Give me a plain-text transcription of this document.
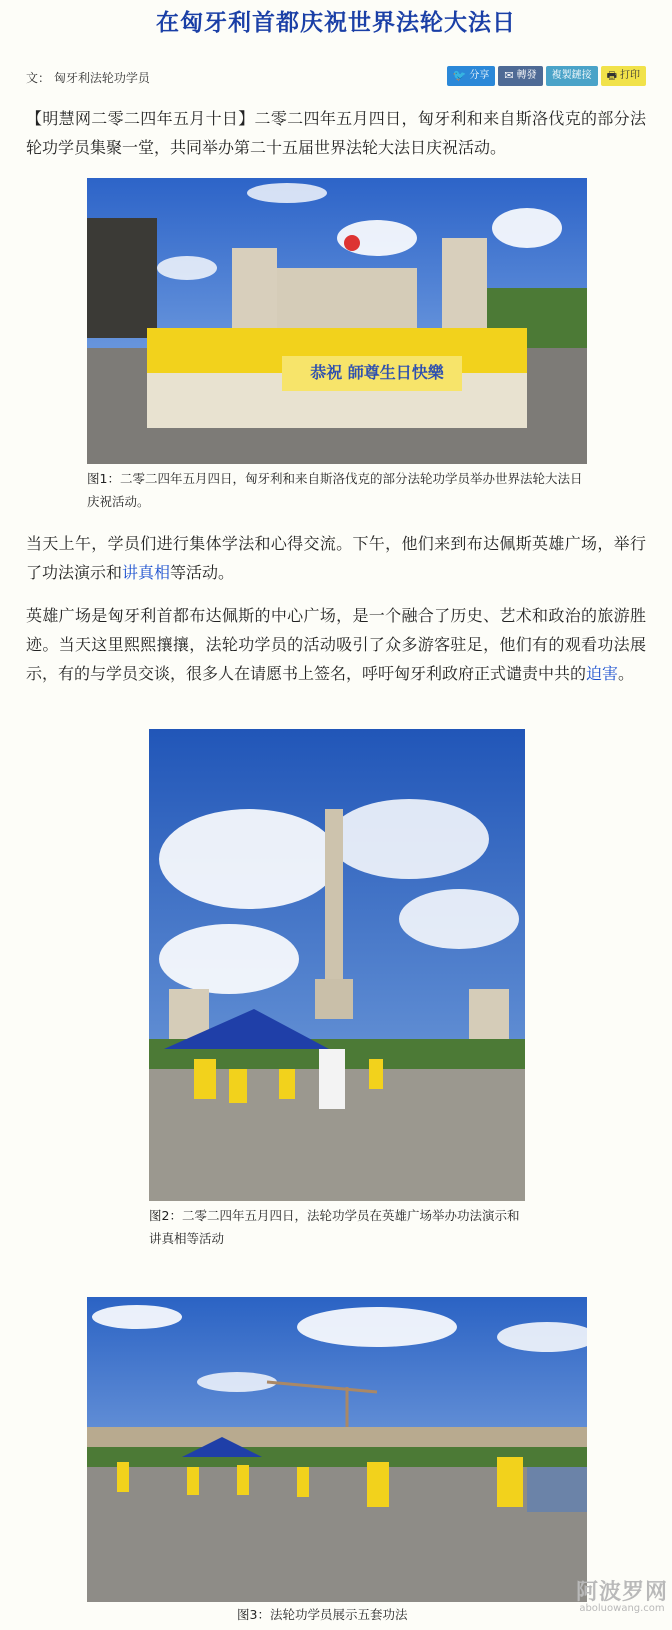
在匈牙利首都庆祝世界法轮大法日
文： 匈牙利法轮功学员	🐦 分享 ✉ 轉發 複製鏈接 🖶 打印
【明慧网二零二四年五月十日】二零二四年五月四日，匈牙利和来自斯洛伐克的部分法轮功学员集聚一堂，共同举办第二十五届世界法轮大法日庆祝活动。
恭祝 師尊生日快樂
图1：二零二四年五月四日，匈牙利和来自斯洛伐克的部分法轮功学员举办世界法轮大法日庆祝活动。
当天上午，学员们进行集体学法和心得交流。下午，他们来到布达佩斯英雄广场，举行了功法演示和讲真相等活动。
英雄广场是匈牙利首都布达佩斯的中心广场，是一个融合了历史、艺术和政治的旅游胜迹。当天这里熙熙攘攘，法轮功学员的活动吸引了众多游客驻足，他们有的观看功法展示，有的与学员交谈，很多人在请愿书上签名，呼吁匈牙利政府正式谴责中共的迫害。
图2：二零二四年五月四日，法轮功学员在英雄广场举办功法演示和讲真相等活动
图3：法轮功学员展示五套功法
阿波罗网
aboluowang.com
